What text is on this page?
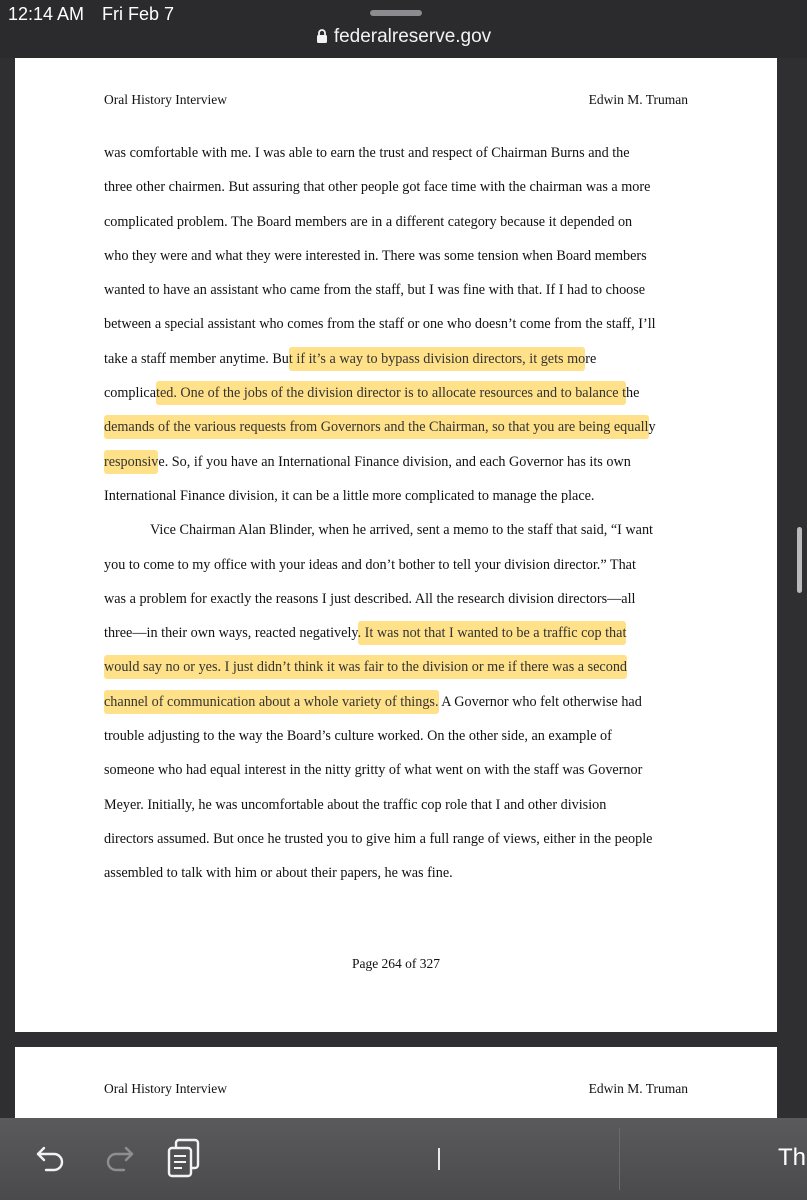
12:14 AM Fri Feb 7
federalreserve.gov
Oral History Interview	Edwin M. Truman
was comfortable with me. I was able to earn the trust and respect of Chairman Burns and the
three other chairmen. But assuring that other people got face time with the chairman was a more
complicated problem. The Board members are in a different category because it depended on
who they were and what they were interested in. There was some tension when Board members
wanted to have an assistant who came from the staff, but I was fine with that. If I had to choose
between a special assistant who comes from the staff or one who doesn’t come from the staff, I’ll
take a staff member anytime. But if it’s a way to bypass division directors, it gets more
complicated. One of the jobs of the division director is to allocate resources and to balance the
demands of the various requests from Governors and the Chairman, so that you are being equally
responsive. So, if you have an International Finance division, and each Governor has its own
International Finance division, it can be a little more complicated to manage the place.
Vice Chairman Alan Blinder, when he arrived, sent a memo to the staff that said, “I want
you to come to my office with your ideas and don’t bother to tell your division director.” That
was a problem for exactly the reasons I just described. All the research division directors—all
three—in their own ways, reacted negatively. It was not that I wanted to be a traffic cop that
would say no or yes. I just didn’t think it was fair to the division or me if there was a second
channel of communication about a whole variety of things. A Governor who felt otherwise had
trouble adjusting to the way the Board’s culture worked. On the other side, an example of
someone who had equal interest in the nitty gritty of what went on with the staff was Governor
Meyer. Initially, he was uncomfortable about the traffic cop role that I and other division
directors assumed. But once he trusted you to give him a full range of views, either in the people
assembled to talk with him or about their papers, he was fine.
Page 264 of 327
Oral History Interview	Edwin M. Truman
Th
